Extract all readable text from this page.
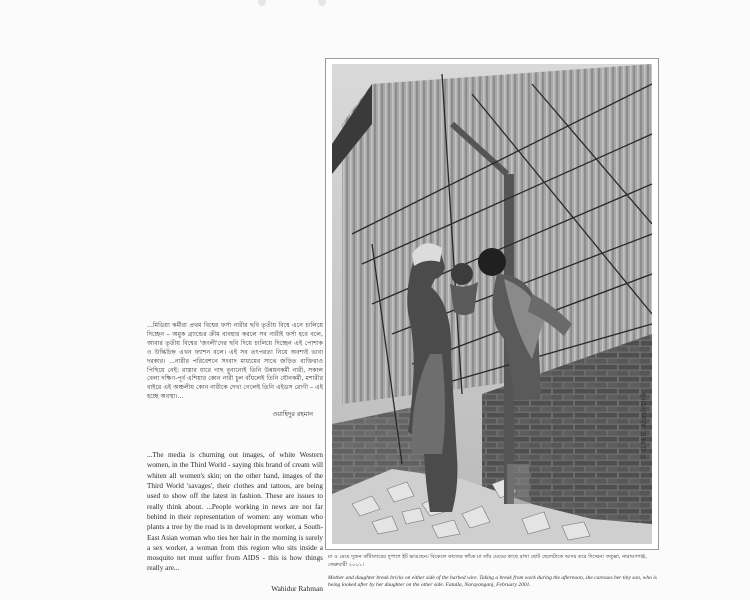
...মিডিয়া কর্মীরা প্রথম বিশ্বের ফর্সা নারীর ছবি তৃতীয় বিশ্বে এনে চালিয়ে দিচ্ছেন – অমুক ব্র্যান্ডের ক্রীম ব্যবহার করলে সব নারীই ফর্সা হবে বলে, আবার তৃতীয় বিশ্বের 'জংলী'দের ছবি দিয়ে চালিয়ে দিচ্ছেন এই পোশাক ও উল্কিচিহ্ন এখন ফ্যাশন বলে। এই সব তৎপরতা নিয়ে অবশ্যই ভাবা দরকার। ...নারীর পরিবেশনে সংবাদ মাধ্যমের সাথে জড়িত ব্যক্তিরাও পিছিয়ে নেই: রাস্তার ধারে গাছ বুনানোই তিনি উন্নয়নকর্মী নারী, সকাল বেলা দক্ষিণ-পূর্ব এশিয়ার কোন নারী চুল বাঁধলেই তিনি যৌনকর্মী, মশারীর বাইরে এই অঞ্চলীয় কোন নারীকে দেখা গেলেই তিনি এইডস রোগী – এই হচ্ছে অবস্থা।...

ওয়াহিদুর রহমান

...The media is churning out images, of white Western women, in the Third World - saying this brand of cream will whiten all women's skin; on the other hand, images of the Third World 'savages', their clothes and tattoos, are being used to show off the latest in fashion. These are issues to really think about. ...People working in news are not far behind in their representation of women: any woman who plants a tree by the road is in development worker, a South-East Asian woman who ties her hair in the morning is surely a sex worker, a woman from this region who sits inside a mosquito net must suffer from AIDS - this is how things really are...

Wahidur Rahman

© G.M.B. Akash/Drik

মা ও মেয়ে দুজন কাঁটাতারের দুপাশে ইট ভাঙছেন। বিকেলে কাজের ফাঁকে মা তাঁর মেয়ের কাছে রাখা ছোট ছেলেটাকে আদর করে দিচ্ছেন। ফতুল্লা, নারায়ণগঞ্জ, ফেব্রুয়ারী ২০০১।

Mother and daughter break bricks on either side of the barbed wire. Taking a break from work during the afternoon, she caresses her tiny son, who is being looked after by her daughter on the other side. Fatulla, Narayanganj, February 2001.
